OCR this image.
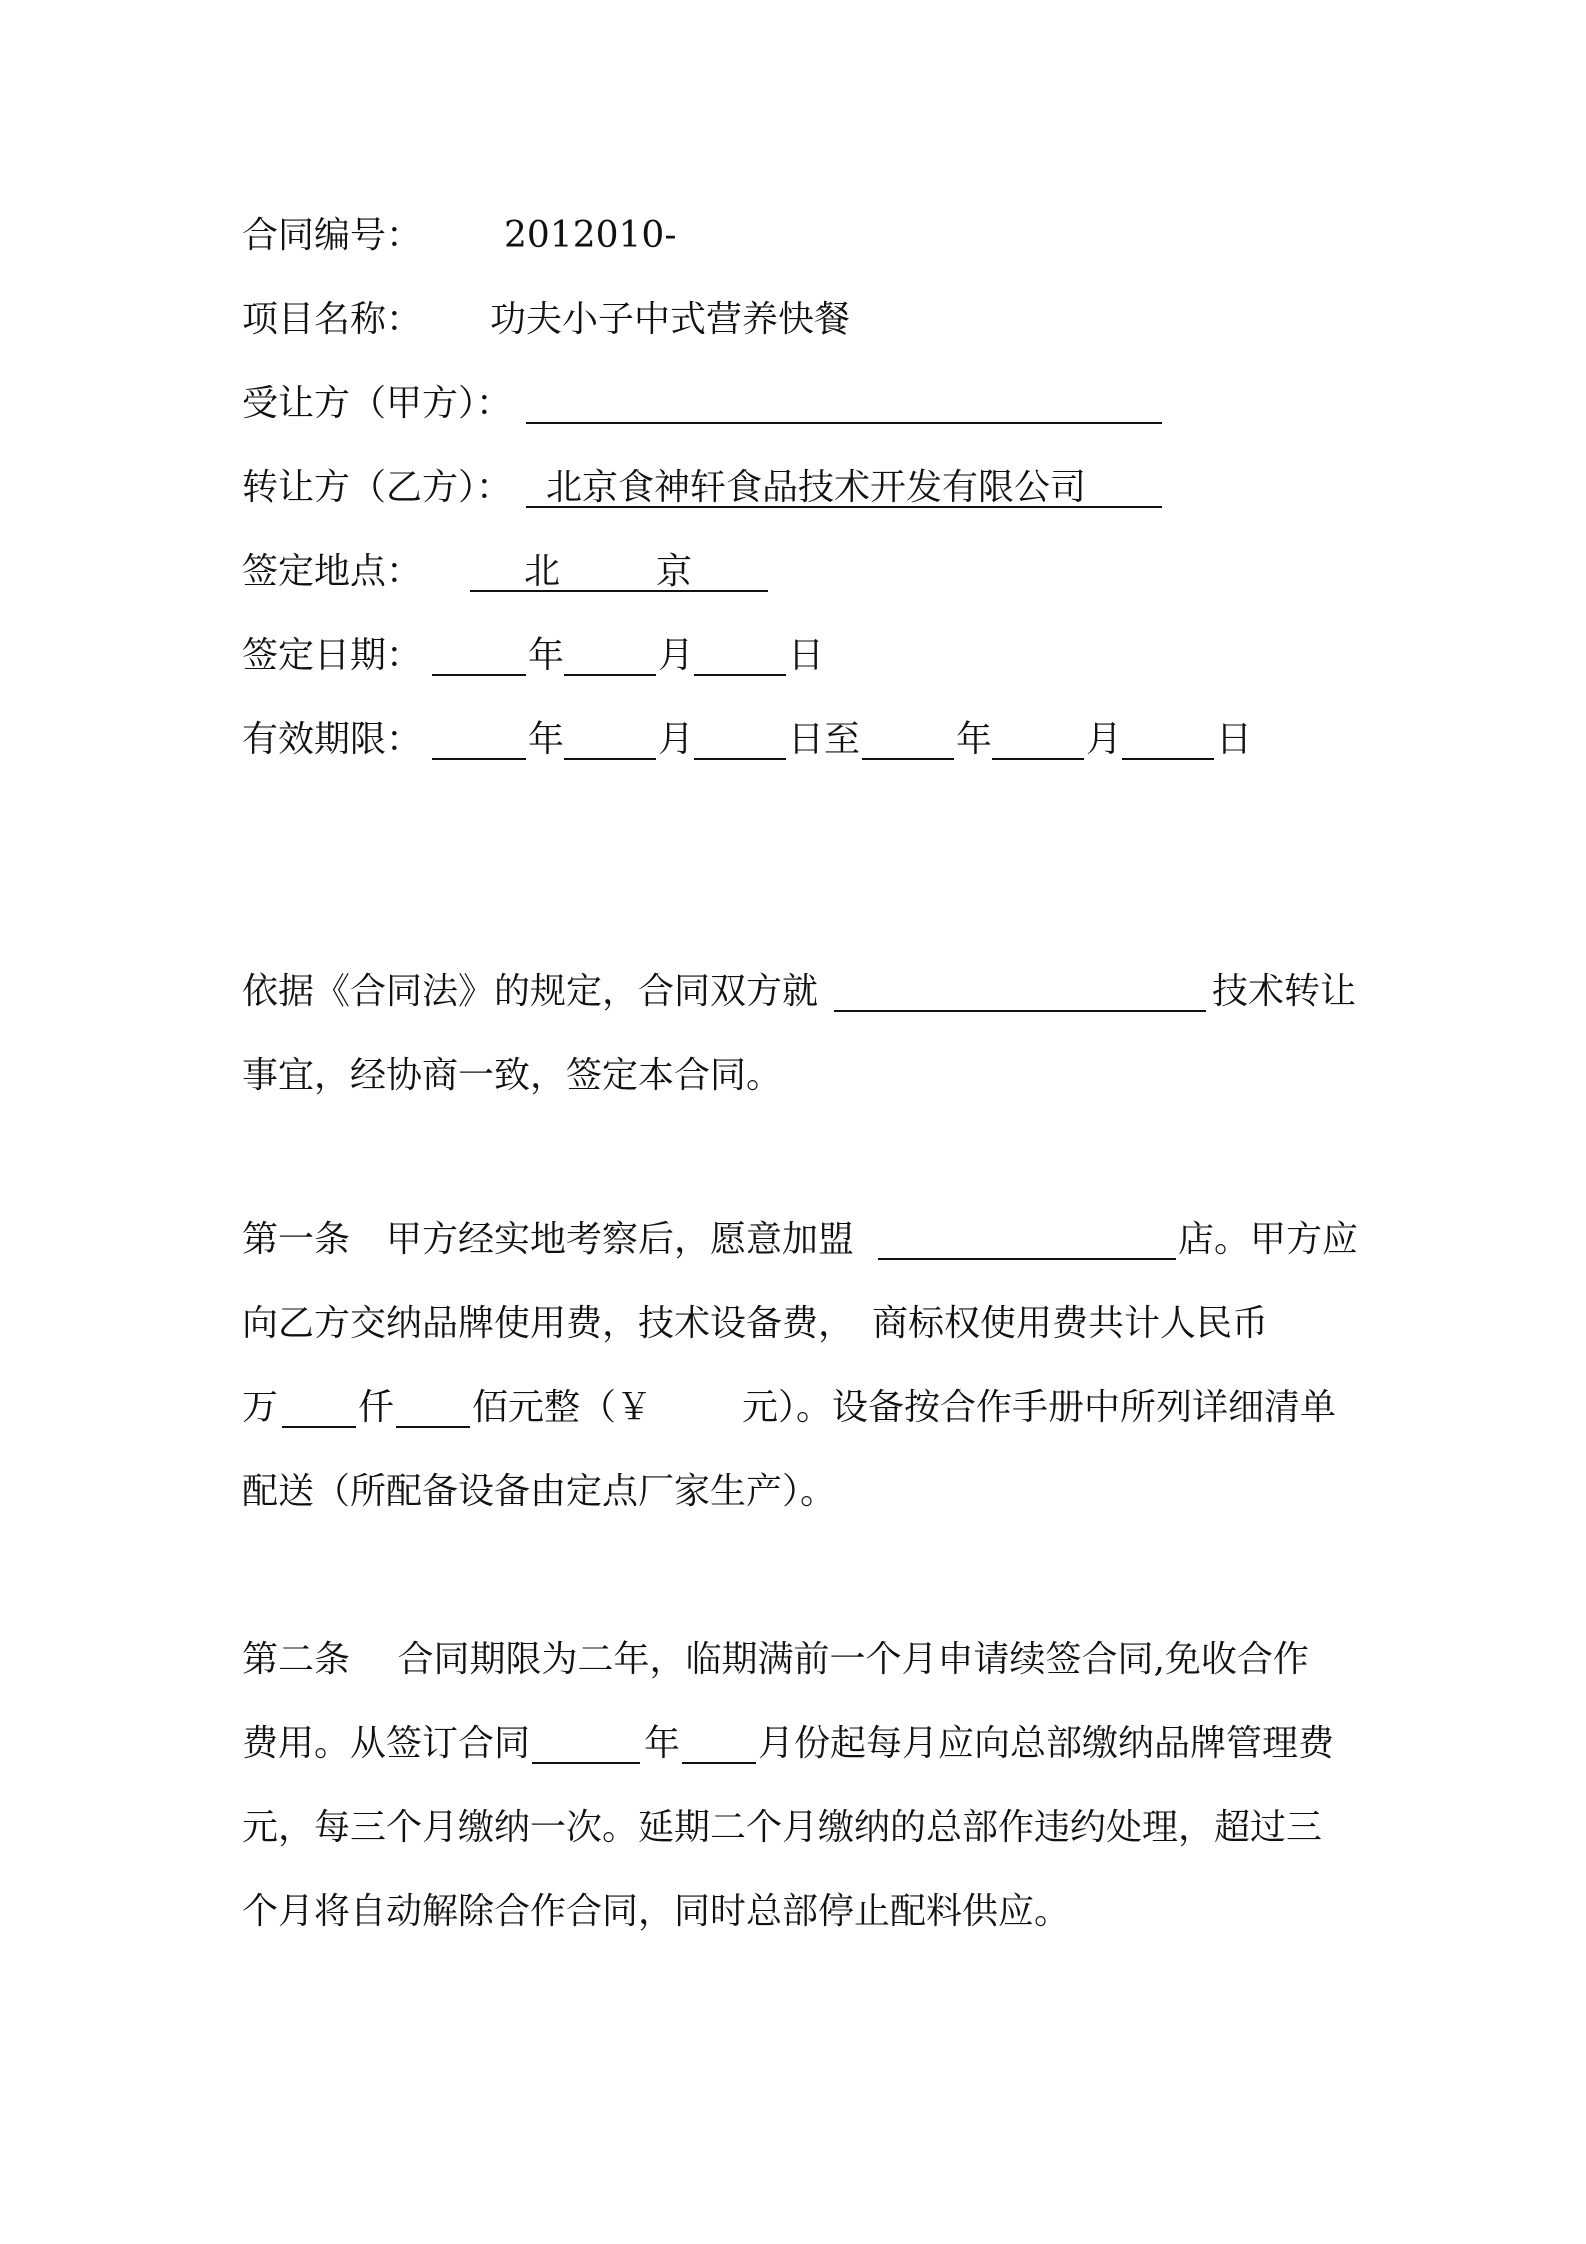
合同编号： 2012010-
项目名称： 功夫小子中式营养快餐
受让方（甲方）：
转让方（乙方）： 北京食神轩食品技术开发有限公司
签定地点：	北	京
签定日期：	年	月	日
有效期限：	年	月	日至	年	月	日
依据《合同法》的规定，合同双方就	技术转让
事宜，经协商一致，签定本合同。
第一条　甲方经实地考察后，愿意加盟	店。甲方应
向乙方交纳品牌使用费，技术设备费，　商标权使用费共计人民币
万 仟 佰元整（￥ 元）。设备按合作手册中所列详细清单
配送（所配备设备由定点厂家生产）。
第二条　 合同期限为二年，临期满前一个月申请续签合同,免收合作
费用。从签订合同	年 月份起每月应向总部缴纳品牌管理费
元，每三个月缴纳一次。延期二个月缴纳的总部作违约处理，超过三
个月将自动解除合作合同，同时总部停止配料供应。
